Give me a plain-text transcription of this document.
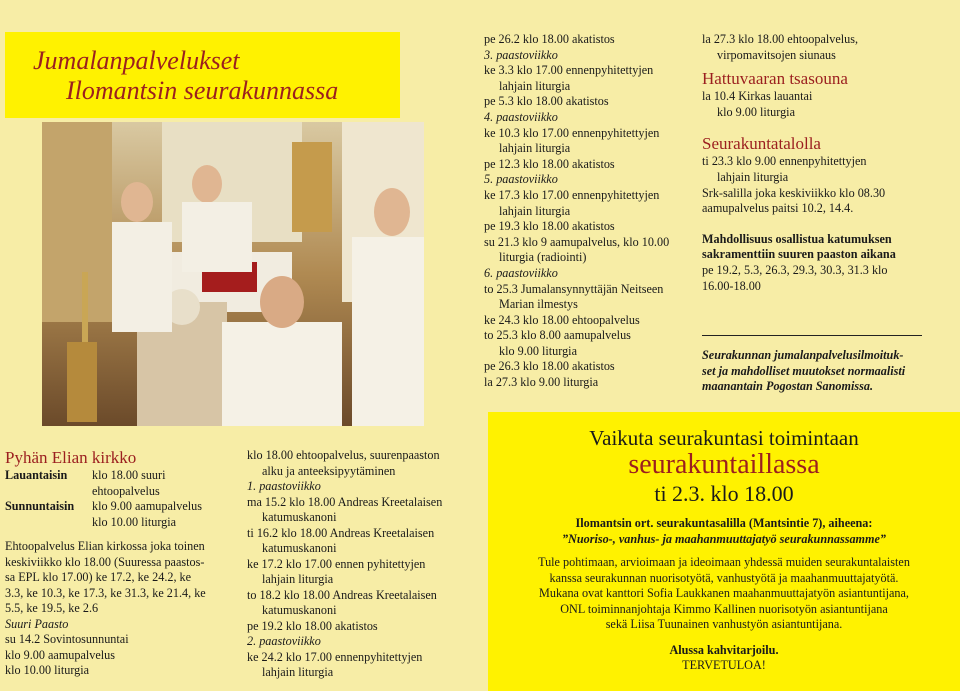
Jumalanpalvelukset
Ilomantsin seurakunnassa
pe 26.2 klo 18.00 akatistos
3. paastoviikko
ke 3.3 klo 17.00 ennenpyhitettyjen
lahjain liturgia
pe 5.3 klo 18.00 akatistos
4. paastoviikko
ke 10.3 klo 17.00 ennenpyhitettyjen
lahjain liturgia
pe 12.3 klo 18.00 akatistos
5. paastoviikko
ke 17.3 klo 17.00 ennenpyhitettyjen
lahjain liturgia
pe 19.3 klo 18.00 akatistos
su 21.3 klo 9 aamupalvelus, klo 10.00
liturgia (radiointi)
6. paastoviikko
to 25.3 Jumalansynnyttäjän Neitseen
Marian ilmestys
ke 24.3 klo 18.00 ehtoopalvelus
to 25.3 klo 8.00 aamupalvelus
klo 9.00 liturgia
pe 26.3 klo 18.00 akatistos
la 27.3 klo 9.00 liturgia
la 27.3 klo 18.00 ehtoopalvelus,
virpomavitsojen siunaus
Hattuvaaran tsasouna
la 10.4 Kirkas lauantai
klo 9.00 liturgia
Seurakuntatalolla
ti 23.3 klo 9.00 ennenpyhitettyjen
lahjain liturgia
Srk-salilla joka keskiviikko klo 08.30
aamupalvelus paitsi 10.2, 14.4.
Mahdollisuus osallistua katumuksen
sakramenttiin suuren paaston aikana
pe 19.2, 5.3, 26.3, 29.3, 30.3, 31.3 klo
16.00-18.00
Seurakunnan jumalanpalvelusilmoituk-
set ja mahdolliset muutokset normaalisti
maanantain Pogostan Sanomissa.
Pyhän Elian kirkko
Lauantaisin	klo 18.00 suuri
ehtoopalvelus
Sunnuntaisin	klo 9.00 aamupalvelus
klo 10.00 liturgia
Ehtoopalvelus Elian kirkossa joka toinen
keskiviikko klo 18.00 (Suuressa paastos-
sa EPL klo 17.00) ke 17.2, ke 24.2, ke
3.3, ke 10.3, ke 17.3, ke 31.3, ke 21.4, ke
5.5, ke 19.5, ke 2.6
Suuri Paasto
su 14.2 Sovintosunnuntai
klo 9.00 aamupalvelus
klo 10.00 liturgia
klo 18.00 ehtoopalvelus, suurenpaaston
alku ja anteeksipyytäminen
1. paastoviikko
ma 15.2 klo 18.00 Andreas Kreetalaisen
katumuskanoni
ti 16.2 klo 18.00 Andreas Kreetalaisen
katumuskanoni
ke 17.2 klo 17.00 ennen pyhitettyjen
lahjain liturgia
to 18.2 klo 18.00 Andreas Kreetalaisen
katumuskanoni
pe 19.2 klo 18.00 akatistos
2. paastoviikko
ke 24.2 klo 17.00 ennenpyhitettyjen
lahjain liturgia
Vaikuta seurakuntasi toimintaan
seurakuntaillassa
ti 2.3. klo 18.00
Ilomantsin ort. seurakuntasalilla (Mantsintie 7), aiheena:
”Nuoriso-, vanhus- ja maahanmuuttajatyö seurakunnassamme”
Tule pohtimaan, arvioimaan ja ideoimaan yhdessä muiden seurakuntalaisten
kanssa seurakunnan nuorisotyötä, vanhustyötä ja maahanmuuttajatyötä.
Mukana ovat kanttori Sofia Laukkanen maahanmuuttajatyön asiantuntijana,
ONL toiminnanjohtaja Kimmo Kallinen nuorisotyön asiantuntijana
sekä Liisa Tuunainen vanhustyön asiantuntijana.
Alussa kahvitarjoilu.
TERVETULOA!
